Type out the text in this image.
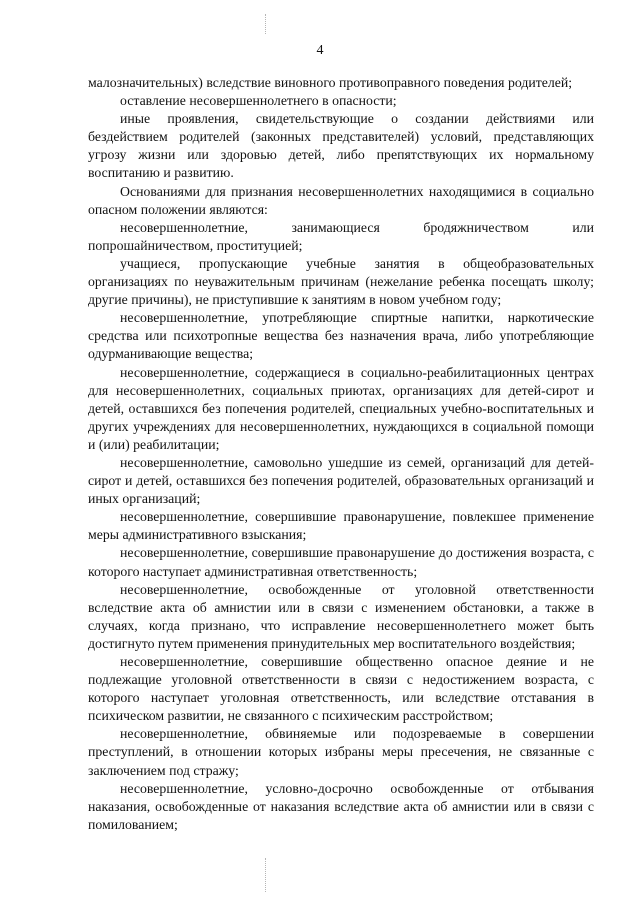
4

малозначительных) вследствие виновного противоправного поведения родителей;

оставление несовершеннолетнего в опасности;

иные проявления, свидетельствующие о создании действиями или бездействием родителей (законных представителей) условий, представляющих угрозу жизни или здоровью детей, либо препятствующих их нормальному воспитанию и развитию.

Основаниями для признания несовершеннолетних находящимися в социально опасном положении являются:

несовершеннолетние, занимающиеся бродяжничеством или попрошайничеством, проституцией;

учащиеся, пропускающие учебные занятия в общеобразовательных организациях по неуважительным причинам (нежелание ребенка посещать школу; другие причины), не приступившие к занятиям в новом учебном году;

несовершеннолетние, употребляющие спиртные напитки, наркотические средства или психотропные вещества без назначения врача, либо употребляющие одурманивающие вещества;

несовершеннолетние, содержащиеся в социально-реабилитационных центрах для несовершеннолетних, социальных приютах, организациях для детей-сирот и детей, оставшихся без попечения родителей, специальных учебно-воспитательных и других учреждениях для несовершеннолетних, нуждающихся в социальной помощи и (или) реабилитации;

несовершеннолетние, самовольно ушедшие из семей, организаций для детей-сирот и детей, оставшихся без попечения родителей, образовательных организаций и иных организаций;

несовершеннолетние, совершившие правонарушение, повлекшее применение меры административного взыскания;

несовершеннолетние, совершившие правонарушение до достижения возраста, с которого наступает административная ответственность;

несовершеннолетние, освобожденные от уголовной ответственности вследствие акта об амнистии или в связи с изменением обстановки, а также в случаях, когда признано, что исправление несовершеннолетнего может быть достигнуто путем применения принудительных мер воспитательного воздействия;

несовершеннолетние, совершившие общественно опасное деяние и не подлежащие уголовной ответственности в связи с недостижением возраста, с которого наступает уголовная ответственность, или вследствие отставания в психическом развитии, не связанного с психическим расстройством;

несовершеннолетние, обвиняемые или подозреваемые в совершении преступлений, в отношении которых избраны меры пресечения, не связанные с заключением под стражу;

несовершеннолетние, условно-досрочно освобожденные от отбывания наказания, освобожденные от наказания вследствие акта об амнистии или в связи с помилованием;
